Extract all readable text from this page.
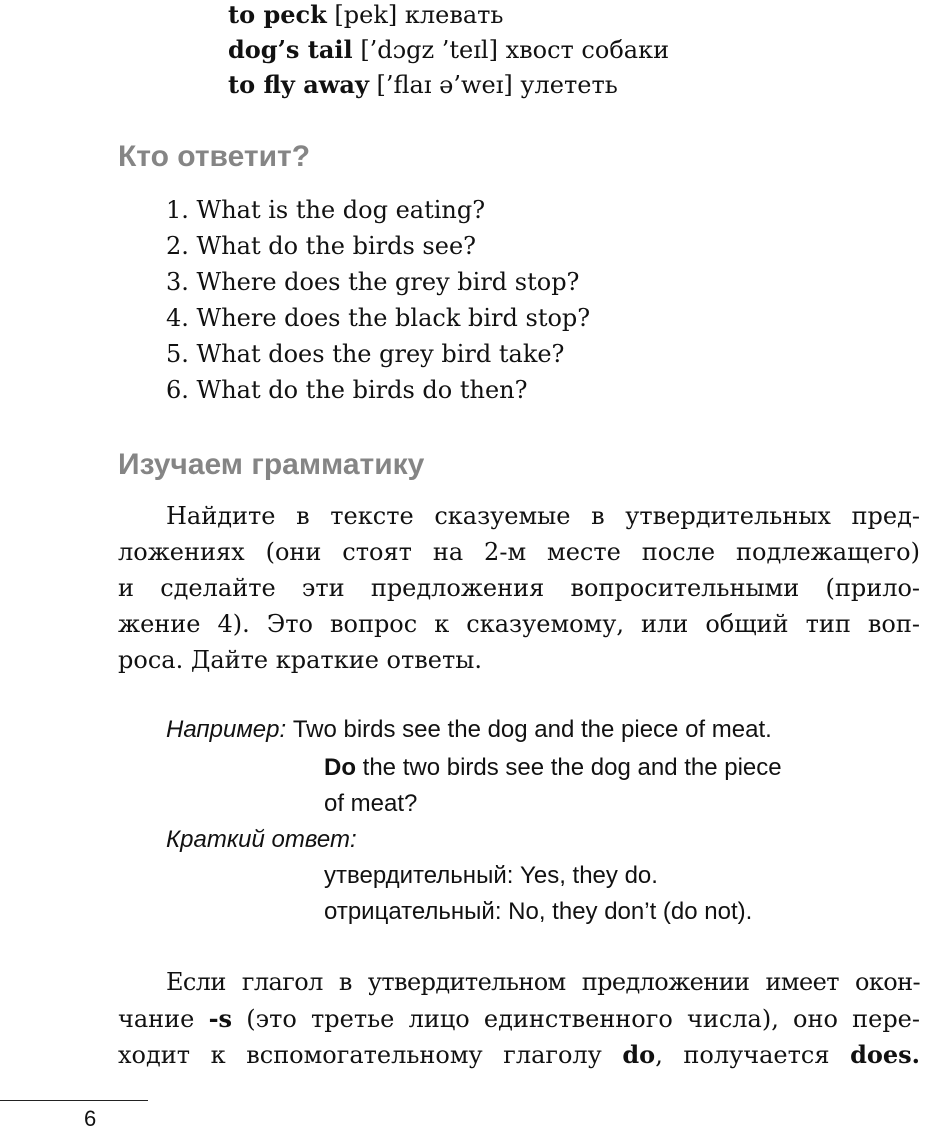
to peck [pek] клевать

dog’s tail [’dɔgz ’teɪl] хвост собаки

to fly away [’flaɪ ə’weɪ] улететь

Кто ответит?

1. What is the dog eating?

2. What do the birds see?

3. Where does the grey bird stop?

4. Where does the black bird stop?

5. What does the grey bird take?

6. What do the birds do then?

Изучаем грамматику

Найдите в тексте сказуемые в утвердительных пред-

ложениях (они стоят на 2-м месте после подлежащего)

и сделайте эти предложения вопросительными (прило-

жение 4). Это вопрос к сказуемому, или общий тип воп-

роса. Дайте краткие ответы.

Например: Two birds see the dog and the piece of meat.

Do the two birds see the dog and the piece

of meat?

Краткий ответ:

утвердительный: Yes, they do.

отрицательный: No, they don’t (do not).

Если глагол в утвердительном предложении имеет окон-

чание -s (это третье лицо единственного числа), оно пере-

ходит к вспомогательному глаголу do, получается does.

6
